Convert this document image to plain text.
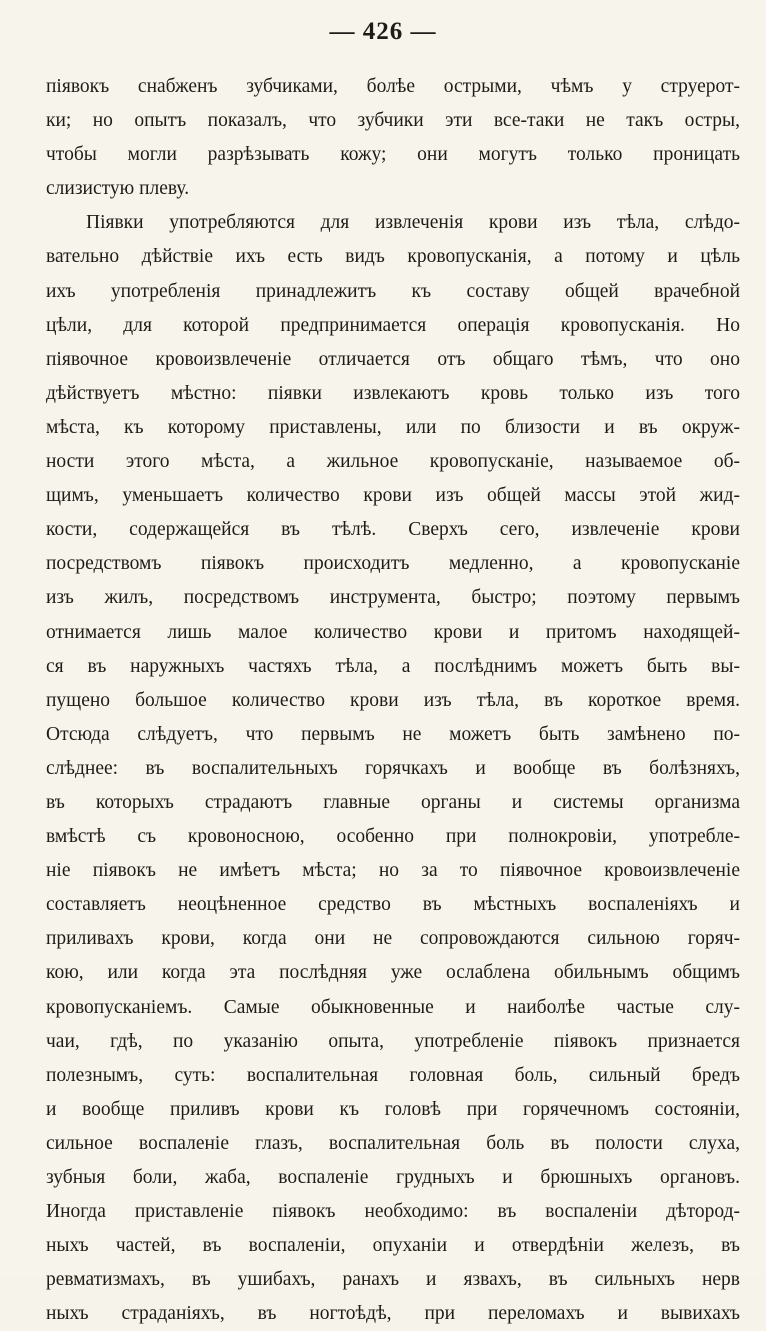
— 426 —
піявокъ снабженъ зубчиками, болѣе острыми, чѣмъ у струерот-
ки; но опытъ показалъ, что зубчики эти все-таки не такъ остры,
чтобы могли разрѣзывать кожу; они могутъ только проницать
слизистую плеву.
Піявки употребляются для извлеченія крови изъ тѣла, слѣдо-
вательно дѣйствіе ихъ есть видъ кровопусканія, а потому и цѣль
ихъ употребленія принадлежитъ къ составу общей врачебной
цѣли, для которой предпринимается операція кровопусканія. Но
піявочное кровоизвлеченіе отличается отъ общаго тѣмъ, что оно
дѣйствуетъ мѣстно: піявки извлекаютъ кровь только изъ того
мѣста, къ которому приставлены, или по близости и въ окруж-
ности этого мѣста, а жильное кровопусканіе, называемое об-
щимъ, уменьшаетъ количество крови изъ общей массы этой жид-
кости, содержащейся въ тѣлѣ. Сверхъ сего, извлеченіе крови
посредствомъ піявокъ происходитъ медленно, а кровопусканіе
изъ жилъ, посредствомъ инструмента, быстро; поэтому первымъ
отнимается лишь малое количество крови и притомъ находящей-
ся въ наружныхъ частяхъ тѣла, а послѣднимъ можетъ быть вы-
пущено большое количество крови изъ тѣла, въ короткое время.
Отсюда слѣдуетъ, что первымъ не можетъ быть замѣнено по-
слѣднее: въ воспалительныхъ горячкахъ и вообще въ болѣзняхъ,
въ которыхъ страдаютъ главные органы и системы организма
вмѣстѣ съ кровоносною, особенно при полнокровіи, употребле-
ніе піявокъ не имѣетъ мѣста; но за то піявочное кровоизвлеченіе
составляетъ неоцѣненное средство въ мѣстныхъ воспаленіяхъ и
приливахъ крови, когда они не сопровождаются сильною горяч-
кою, или когда эта послѣдняя уже ослаблена обильнымъ общимъ
кровопусканіемъ. Самые обыкновенные и наиболѣе частые слу-
чаи, гдѣ, по указанію опыта, употребленіе піявокъ признается
полезнымъ, суть: воспалительная головная боль, сильный бредъ
и вообще приливъ крови къ головѣ при горячечномъ состояніи,
сильное воспаленіе глазъ, воспалительная боль въ полости слуха,
зубныя боли, жаба, воспаленіе грудныхъ и брюшныхъ органовъ.
Иногда приставленіе піявокъ необходимо: въ воспаленіи дѣтород-
ныхъ частей, въ воспаленіи, опуханіи и отвердѣніи железъ, въ
ревматизмахъ, въ ушибахъ, ранахъ и язвахъ, въ сильныхъ нерв
ныхъ страданіяхъ, въ ногтоѣдѣ, при переломахъ и вывихахъ
